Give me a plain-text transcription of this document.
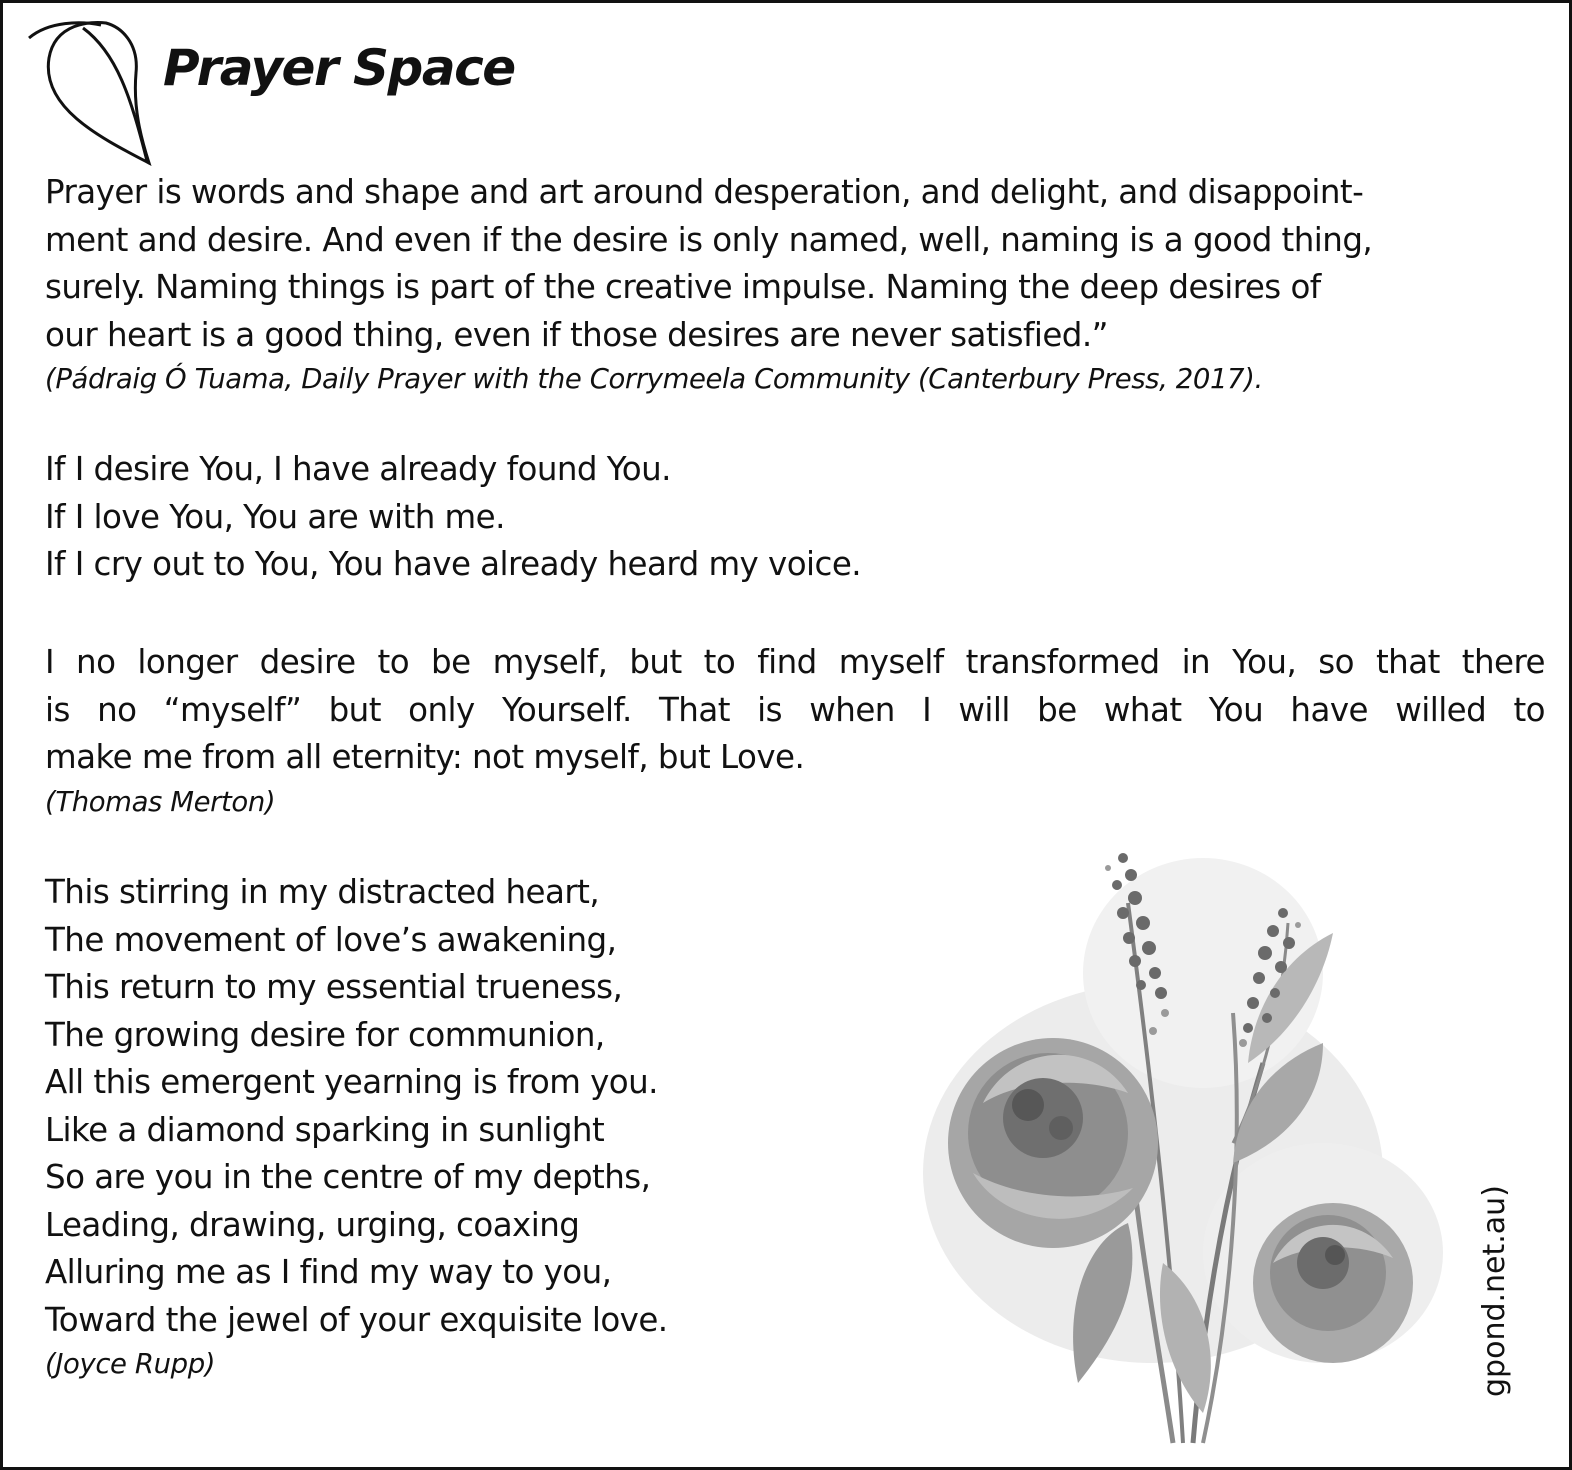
Prayer Space
Prayer is words and shape and art around desperation, and delight, and disappoint-
ment and desire. And even if the desire is only named, well, naming is a good thing,
surely. Naming things is part of the creative impulse. Naming the deep desires of
our heart is a good thing, even if those desires are never satisfied.”
(Pádraig Ó Tuama, Daily Prayer with the Corrymeela Community (Canterbury Press, 2017).
If I desire You, I have already found You.
If I love You, You are with me.
If I cry out to You, You have already heard my voice.
I no longer desire to be myself, but to find myself transformed in You, so that there
is no “myself” but only Yourself. That is when I will be what You have willed to
make me from all eternity: not myself, but Love.
(Thomas Merton)
This stirring in my distracted heart,
The movement of love’s awakening,
This return to my essential trueness,
The growing desire for communion,
All this emergent yearning is from you.
Like a diamond sparking in sunlight
So are you in the centre of my depths,
Leading, drawing, urging, coaxing
Alluring me as I find my way to you,
Toward the jewel of your exquisite love.
(Joyce Rupp)	gpond.net.au)
